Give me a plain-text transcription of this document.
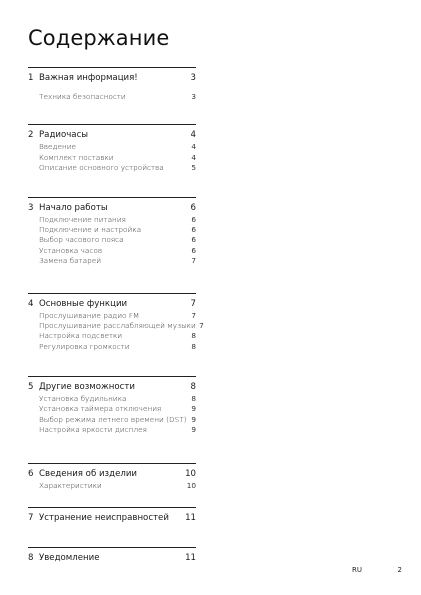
Содержание
1 Важная информация!	3
Техника безопасности	3
2 Радиочасы	4
Введение	4
Комплект поставки	4
Описание основного устройства	5
3 Начало работы	6
Подключение питания	6
Подключение и настройка	6
Выбор часового пояса	6
Установка часов	6
Замена батарей	7
4 Основные функции	7
Прослушивание радио FM	7
Прослушивание расслабляющей музыки 7
Настройка подсветки	8
Регулировка громкости	8
5 Другие возможности	8
Установка будильника	8
Установка таймера отключения	9
Выбор режима летнего времени (DST) 9
Настройка яркости дисплея	9
6 Сведения об изделии	10
Характеристики	10
7 Устранение неисправностей	11
8 Уведомление	11
RU	2
